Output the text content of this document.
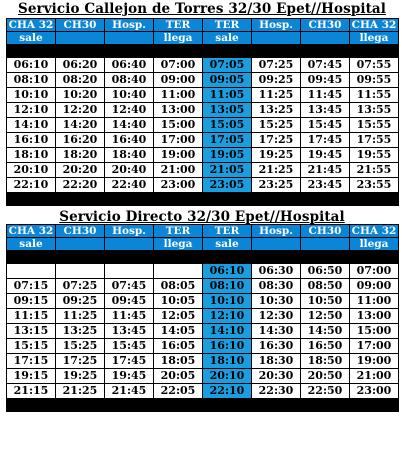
Servicio Callejon de Torres 32/30 Epet//Hospital
CHA 32	CH30	Hosp.	TER	TER	Hosp.	CH30	CHA 32
sale			llega	sale			llega

06:10	06:20	06:40	07:00	07:05	07:25	07:45	07:55
08:10	08:20	08:40	09:00	09:05	09:25	09:45	09:55
10:10	10:20	10:40	11:00	11:05	11:25	11:45	11:55
12:10	12:20	12:40	13:00	13:05	13:25	13:45	13:55
14:10	14:20	14:40	15:00	15:05	15:25	15:45	15:55
16:10	16:20	16:40	17:00	17:05	17:25	17:45	17:55
18:10	18:20	18:40	19:00	19:05	19:25	19:45	19:55
20:10	20:20	20:40	21:00	21:05	21:25	21:45	21:55
22:10	22:20	22:40	23:00	23:05	23:25	23:45	23:55

Servicio Directo 32/30 Epet//Hospital
CHA 32	CH30	Hosp.	TER	TER	Hosp.	CH30	CHA 32
sale			llega	sale			llega

				06:10	06:30	06:50	07:00
07:15	07:25	07:45	08:05	08:10	08:30	08:50	09:00
09:15	09:25	09:45	10:05	10:10	10:30	10:50	11:00
11:15	11:25	11:45	12:05	12:10	12:30	12:50	13:00
13:15	13:25	13:45	14:05	14:10	14:30	14:50	15:00
15:15	15:25	15:45	16:05	16:10	16:30	16:50	17:00
17:15	17:25	17:45	18:05	18:10	18:30	18:50	19:00
19:15	19:25	19:45	20:05	20:10	20:30	20:50	21:00
21:15	21:25	21:45	22:05	22:10	22:30	22:50	23:00
